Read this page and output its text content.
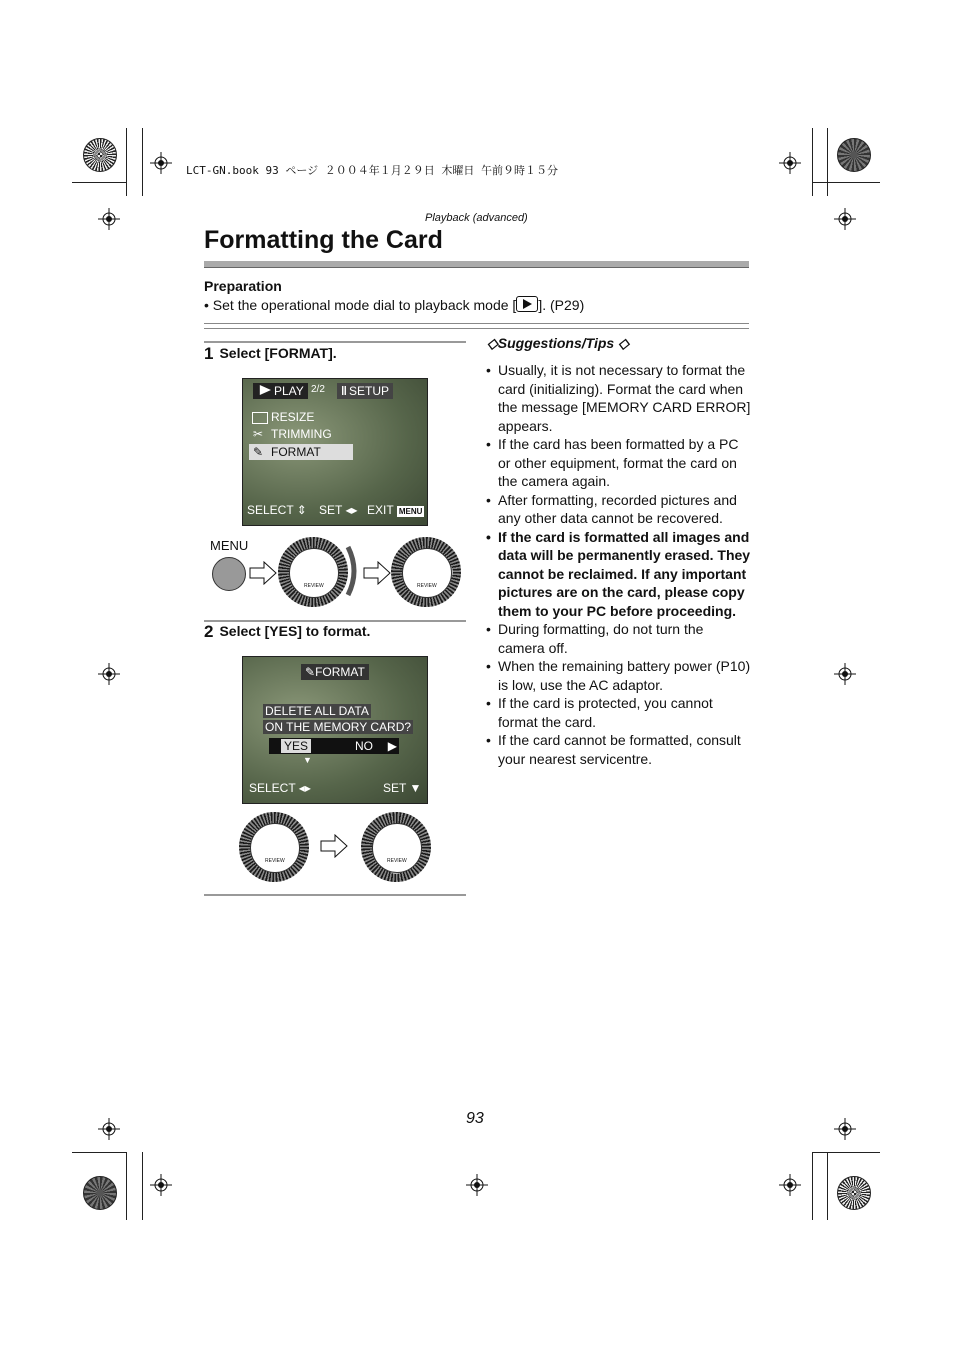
LCT-GN.book 93 ページ ２００４年１月２９日 木曜日 午前９時１５分
Playback (advanced)
Formatting the Card
Preparation
• Set the operational mode dial to playback mode [ ]. (P29)
1 Select [FORMAT].
PLAY 2/2	ǁ SETUP
RESIZE
✂ TRIMMING
✎ FORMAT
SELECT ⇕ SET ◂▸ EXIT MENU
MENU
REVIEW	REVIEW
2 Select [YES] to format.
✎FORMAT
DELETE ALL DATA
ON THE MEMORY CARD?
YES	NO ▶
▼
SELECT ◂▸	SET ▼
REVIEW	REVIEW
◇Suggestions/Tips ◇
• Usually, it is not necessary to format the card (initializing). Format the card when the message [MEMORY CARD ERROR] appears.
• If the card has been formatted by a PC or other equipment, format the card on the camera again.
• After formatting, recorded pictures and any other data cannot be recovered.
• If the card is formatted all images and data will be permanently erased. They cannot be reclaimed. If any important pictures are on the card, please copy them to your PC before proceeding.
• During formatting, do not turn the camera off.
• When the remaining battery power (P10) is low, use the AC adaptor.
• If the card is protected, you cannot format the card.
• If the card cannot be formatted, consult your nearest servicentre.
93
